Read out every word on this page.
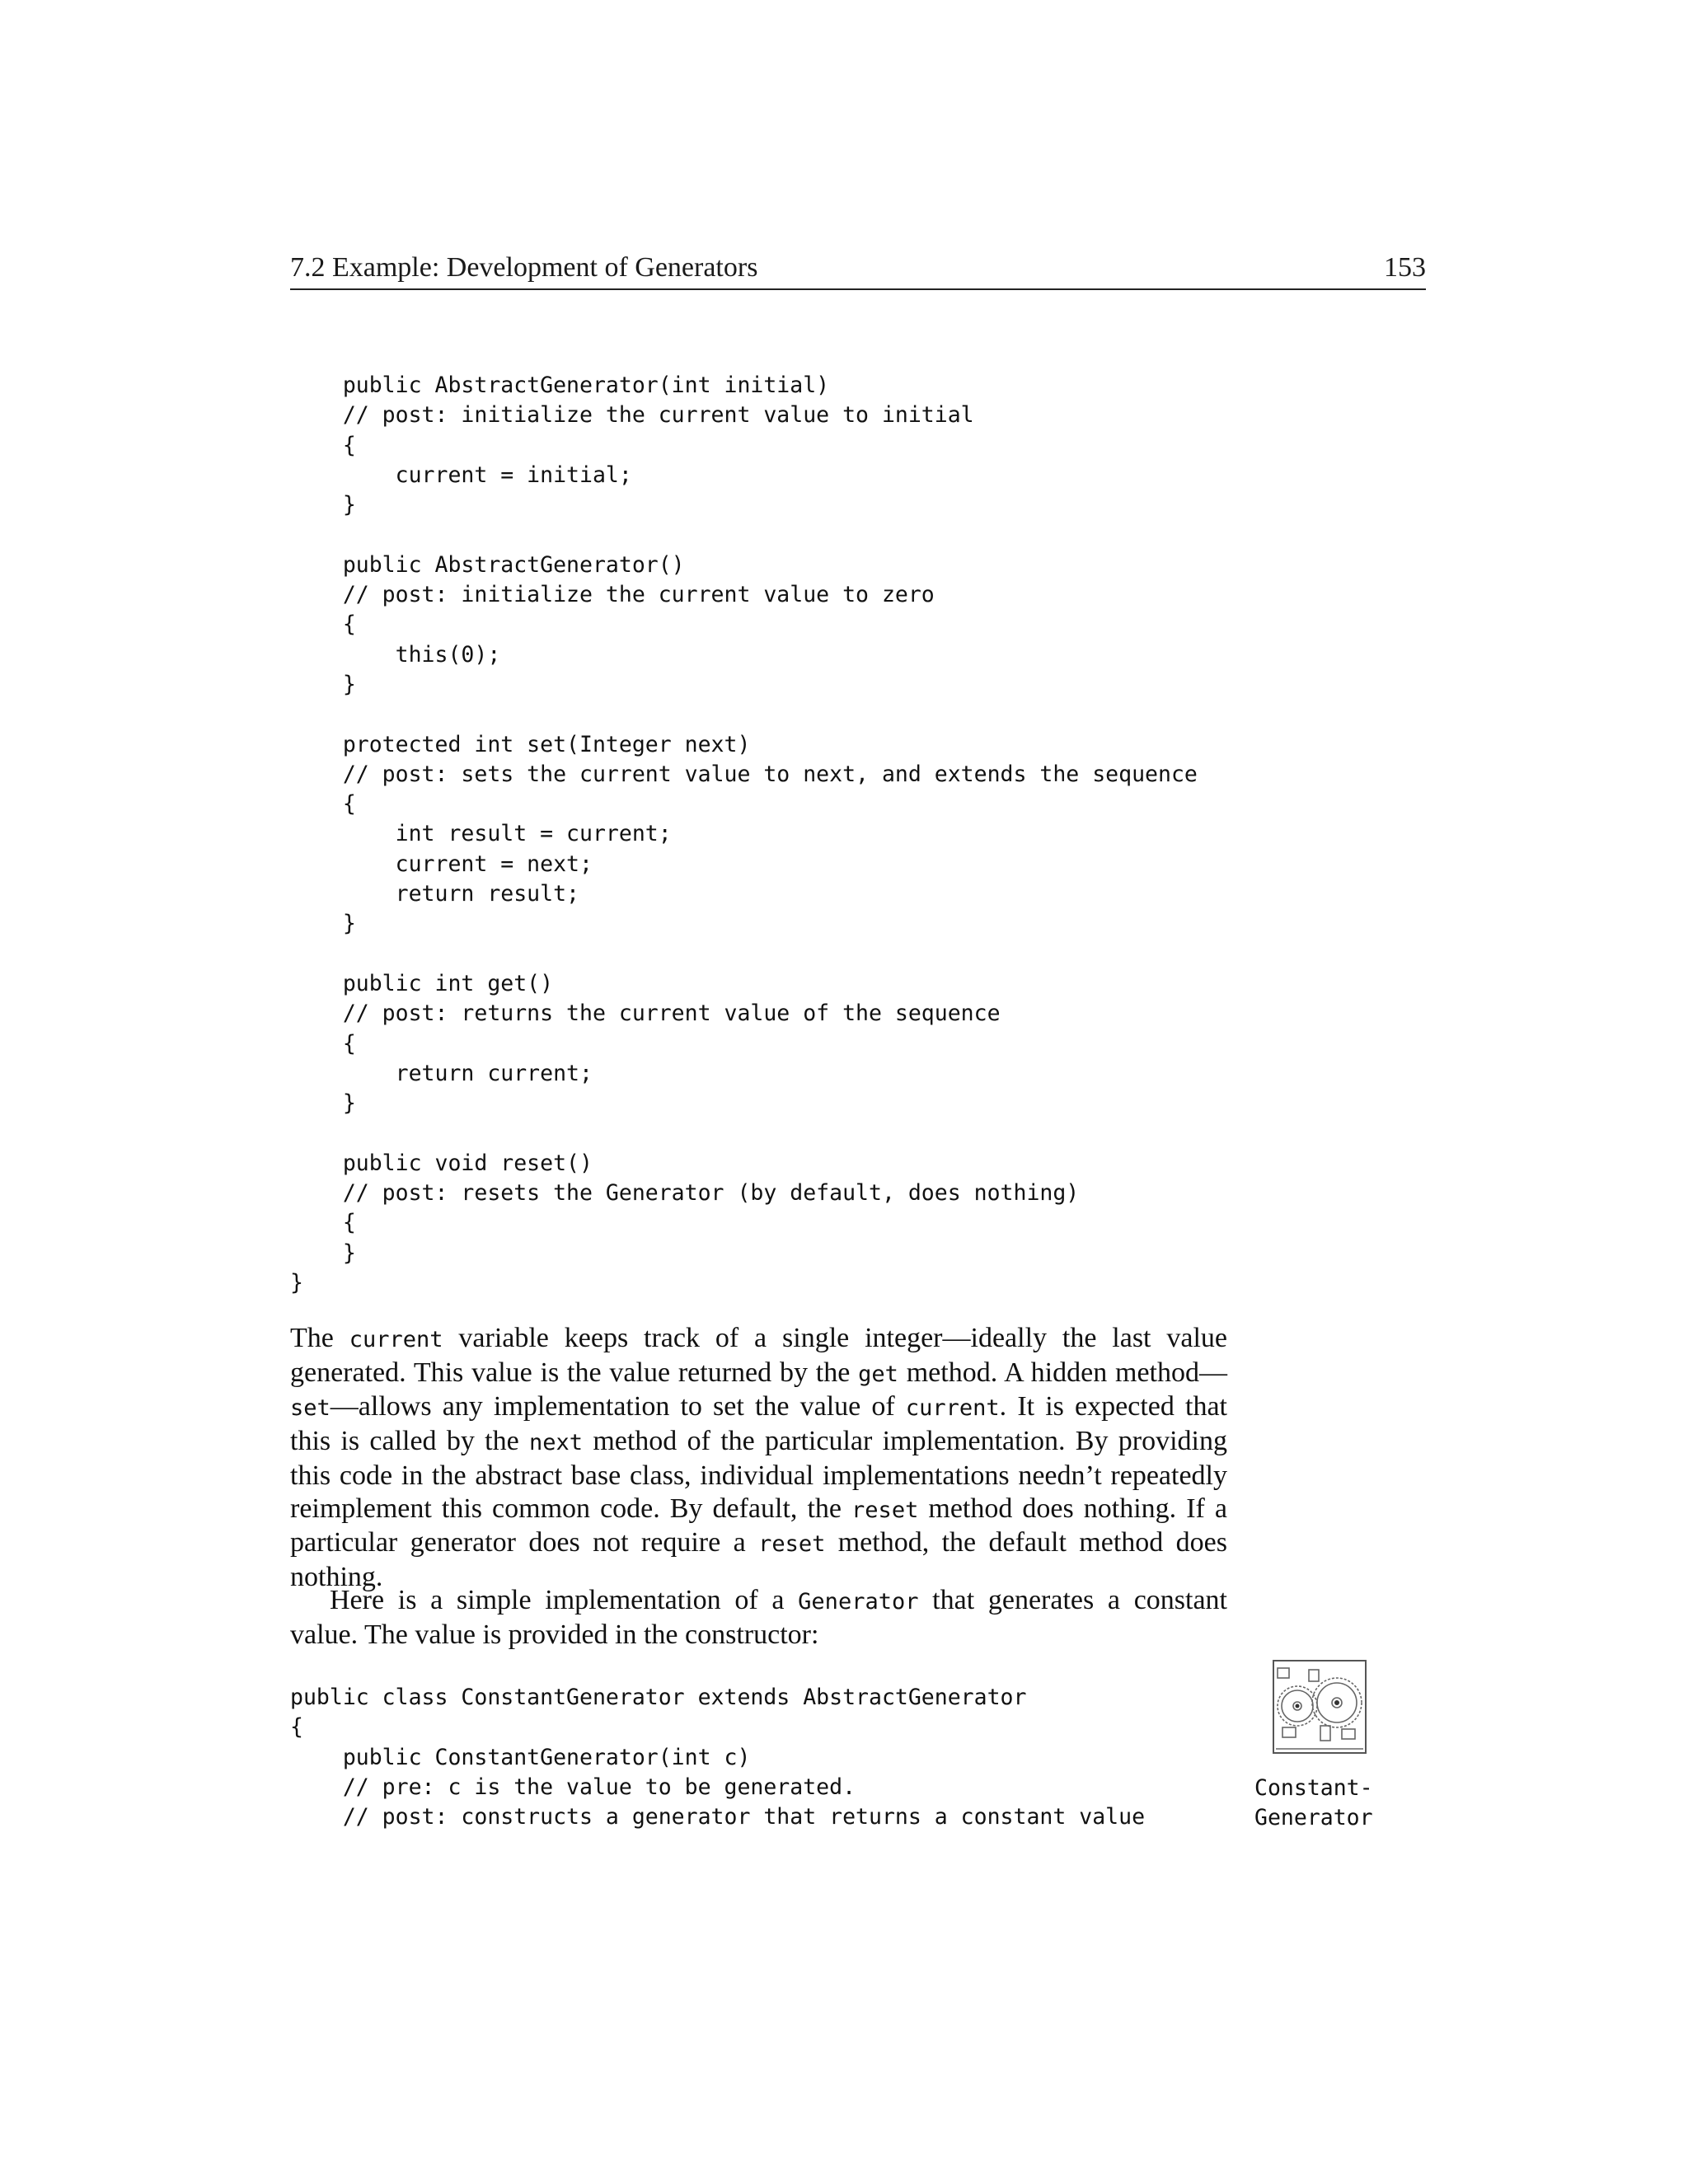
7.2 Example: Development of Generators	153
public AbstractGenerator(int initial)
// post: initialize the current value to initial
{
current = initial;
}
public AbstractGenerator()
// post: initialize the current value to zero
{
this(0);
}
protected int set(Integer next)
// post: sets the current value to next, and extends the sequence
{
int result = current;
current = next;
return result;
}
public int get()
// post: returns the current value of the sequence
{
return current;
}
public void reset()
// post: resets the Generator (by default, does nothing)
{
}
}
The current variable keeps track of a single integer—ideally the last value generated. This value is the value returned by the get method. A hidden method—set—allows any implementation to set the value of current. It is expected that this is called by the next method of the particular implementation. By providing this code in the abstract base class, individual implementations needn’t repeatedly reimplement this common code. By default, the reset method does nothing. If a particular generator does not require a reset method, the default method does nothing.
Here is a simple implementation of a Generator that generates a constant value. The value is provided in the constructor:
public class ConstantGenerator extends AbstractGenerator
{
public ConstantGenerator(int c)
// pre: c is the value to be generated.
// post: constructs a generator that returns a constant value
Constant-
Generator
